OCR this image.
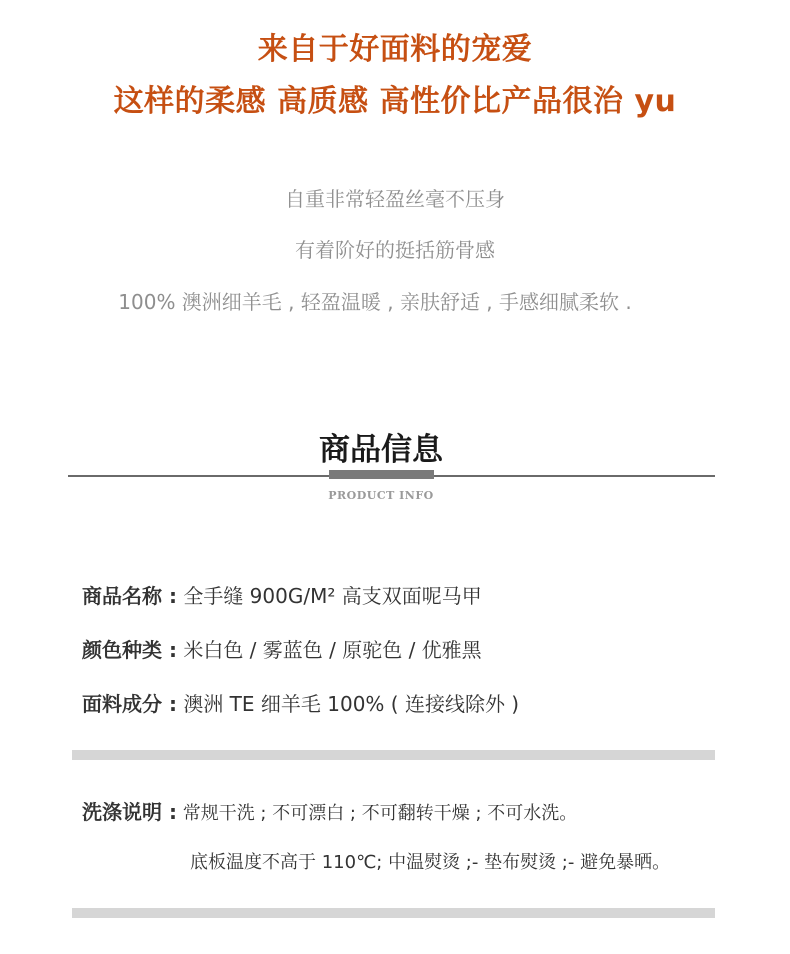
来自于好面料的宠爱
这样的柔感 高质感 高性价比产品很治 yu
自重非常轻盈丝毫不压身
有着阶好的挺括筋骨感
100% 澳洲细羊毛 , 轻盈温暖 , 亲肤舒适 , 手感细腻柔软 .
商品信息
PRODUCT INFO
商品名称 : 全手缝 900G/M² 高支双面呢马甲
颜色种类 : 米白色 / 雾蓝色 / 原驼色 / 优雅黑
面料成分 : 澳洲 TE 细羊毛 100% ( 连接线除外 )
洗涤说明 : 常规干洗 ; 不可漂白 ; 不可翻转干燥 ; 不可水洗。
底板温度不高于 110℃; 中温熨烫 ;- 垫布熨烫 ;- 避免暴晒。
